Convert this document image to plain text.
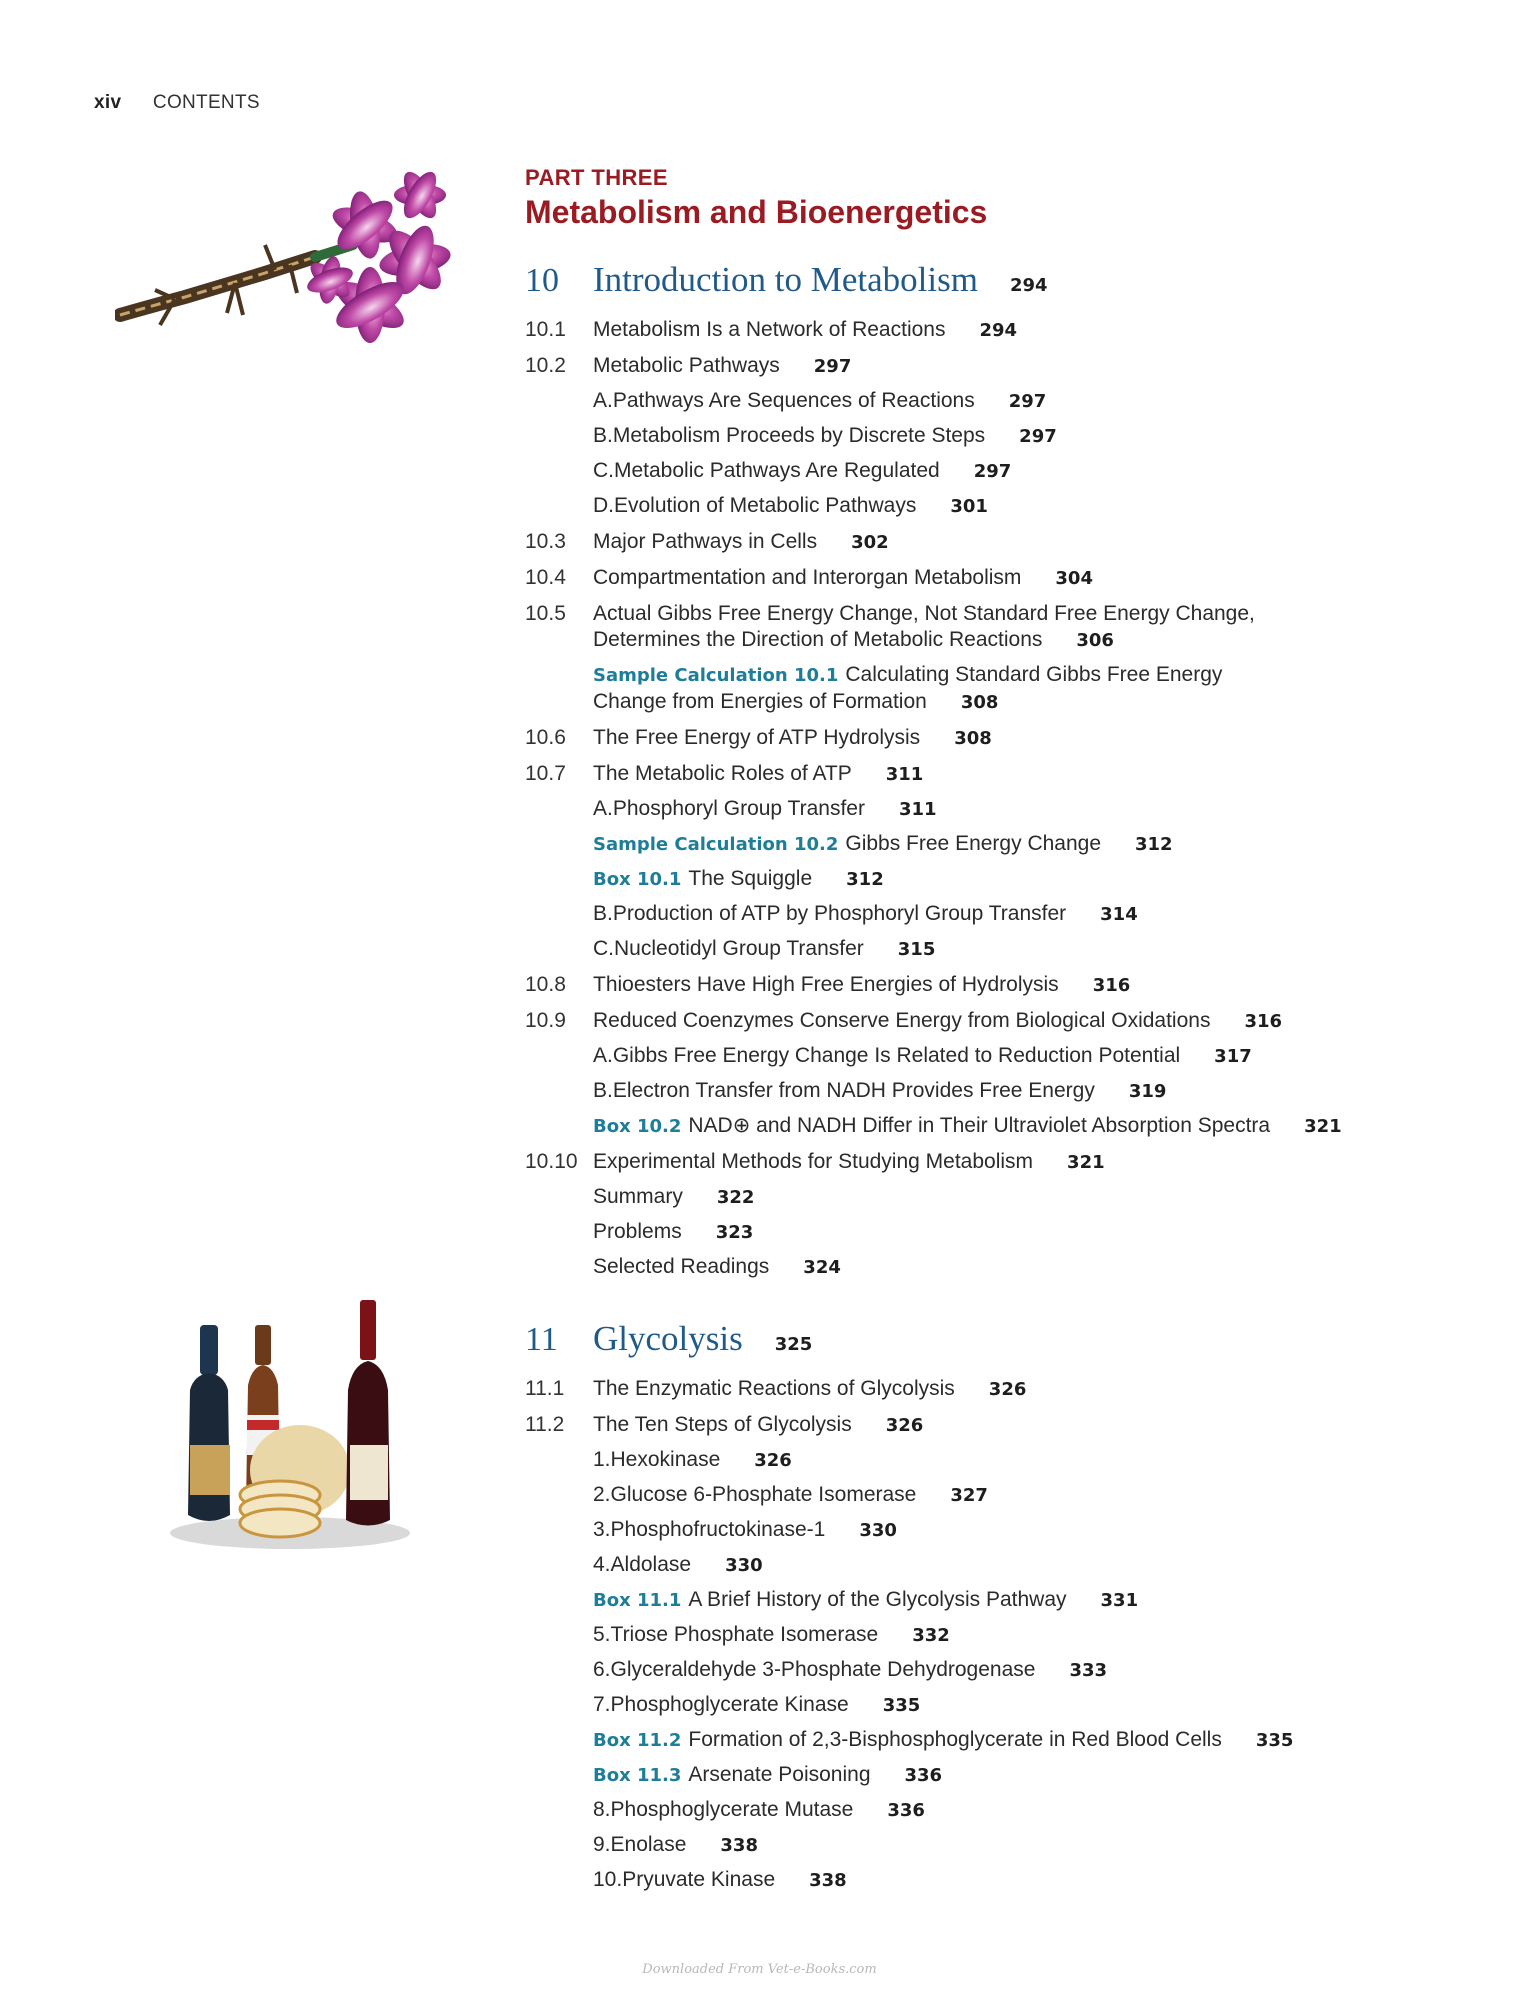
xiv CONTENTS
PART THREE
Metabolism and Bioenergetics
10 Introduction to Metabolism 294
10.1	Metabolism Is a Network of Reactions 294
10.2	Metabolic Pathways 297
A. Pathways Are Sequences of Reactions 297
B. Metabolism Proceeds by Discrete Steps 297
C. Metabolic Pathways Are Regulated 297
D. Evolution of Metabolic Pathways 301
10.3	Major Pathways in Cells 302
10.4	Compartmentation and Interorgan Metabolism 304
10.5	Actual Gibbs Free Energy Change, Not Standard Free Energy Change,
Determines the Direction of Metabolic Reactions 306
Sample Calculation 10.1 Calculating Standard Gibbs Free Energy
Change from Energies of Formation 308
10.6	The Free Energy of ATP Hydrolysis 308
10.7	The Metabolic Roles of ATP 311
A. Phosphoryl Group Transfer 311
Sample Calculation 10.2 Gibbs Free Energy Change 312
Box 10.1 The Squiggle 312
B. Production of ATP by Phosphoryl Group Transfer 314
C. Nucleotidyl Group Transfer 315
10.8	Thioesters Have High Free Energies of Hydrolysis 316
10.9	Reduced Coenzymes Conserve Energy from Biological Oxidations 316
A. Gibbs Free Energy Change Is Related to Reduction Potential 317
B. Electron Transfer from NADH Provides Free Energy 319
Box 10.2 NAD⊕ and NADH Differ in Their Ultraviolet Absorption Spectra 321
10.10 Experimental Methods for Studying Metabolism 321
Summary 322
Problems 323
Selected Readings 324
11	Glycolysis 325
11.1	The Enzymatic Reactions of Glycolysis 326
11.2	The Ten Steps of Glycolysis 326
1. Hexokinase 326
2. Glucose 6-Phosphate Isomerase 327
3. Phosphofructokinase-1 330
4. Aldolase 330
Box 11.1 A Brief History of the Glycolysis Pathway 331
5. Triose Phosphate Isomerase 332
6. Glyceraldehyde 3-Phosphate Dehydrogenase 333
7. Phosphoglycerate Kinase 335
Box 11.2 Formation of 2,3-Bisphosphoglycerate in Red Blood Cells 335
Box 11.3 Arsenate Poisoning 336
8. Phosphoglycerate Mutase 336
9. Enolase 338
10. Pryuvate Kinase 338
Downloaded From Vet-e-Books.com
